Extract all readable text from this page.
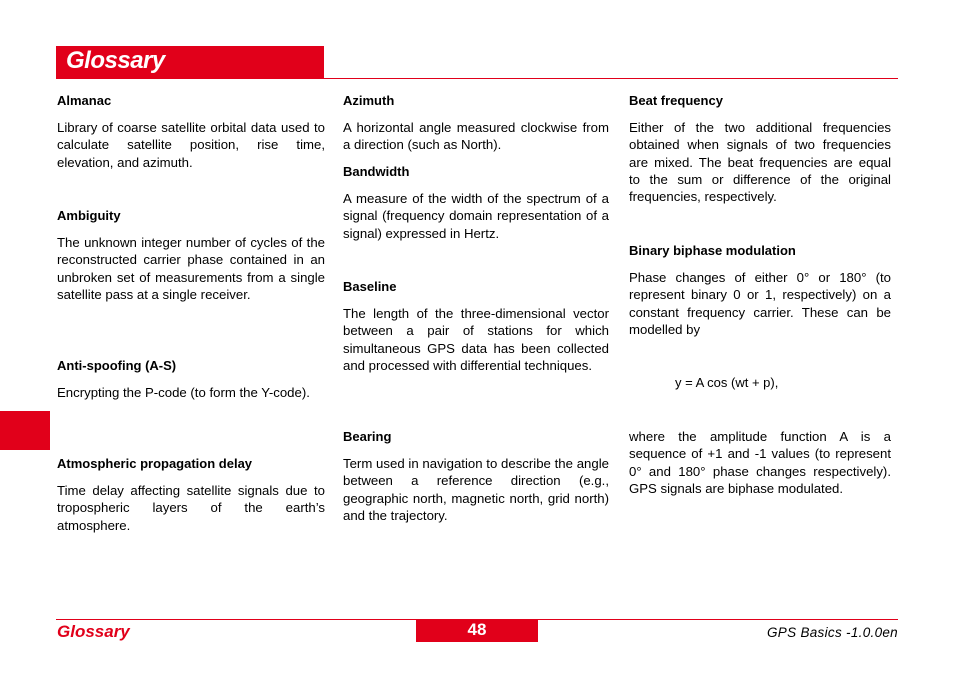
Glossary
Almanac
Library of coarse satellite orbital data used to calculate satellite position, rise time, elevation, and azimuth.
Ambiguity
The unknown integer number of cycles of the reconstructed carrier phase contained in an unbroken set of measurements from a single satellite pass at a single receiver.
Anti-spoofing (A-S)
Encrypting the P-code (to form the Y-code).
Atmospheric propagation delay
Time delay affecting satellite signals due to tropospheric layers of the earth’s atmosphere.
Azimuth
A horizontal angle measured clockwise from a direction (such as North).
Bandwidth
A measure of the width of the spectrum of a signal (frequency domain representation of a signal) expressed in Hertz.
Baseline
The length of the three-dimensional vector between a pair of stations for which simultaneous GPS data has been collected and processed with differential techniques.
Bearing
Term used in navigation to describe the angle between a reference direction (e.g., geographic north, magnetic north, grid north) and the trajectory.
Beat frequency
Either of the two additional frequencies obtained when signals of two frequencies are mixed. The beat frequencies are equal to the sum or difference of the original frequencies, respectively.
Binary biphase modulation
Phase changes of either 0° or 180° (to represent binary 0 or 1, respectively) on a constant frequency carrier. These can be modelled by
y = A cos (wt + p),
where the amplitude function A is a sequence of +1 and -1 values (to represent 0° and 180° phase changes respectively). GPS signals are biphase modulated.
Glossary	48	GPS Basics -1.0.0en
